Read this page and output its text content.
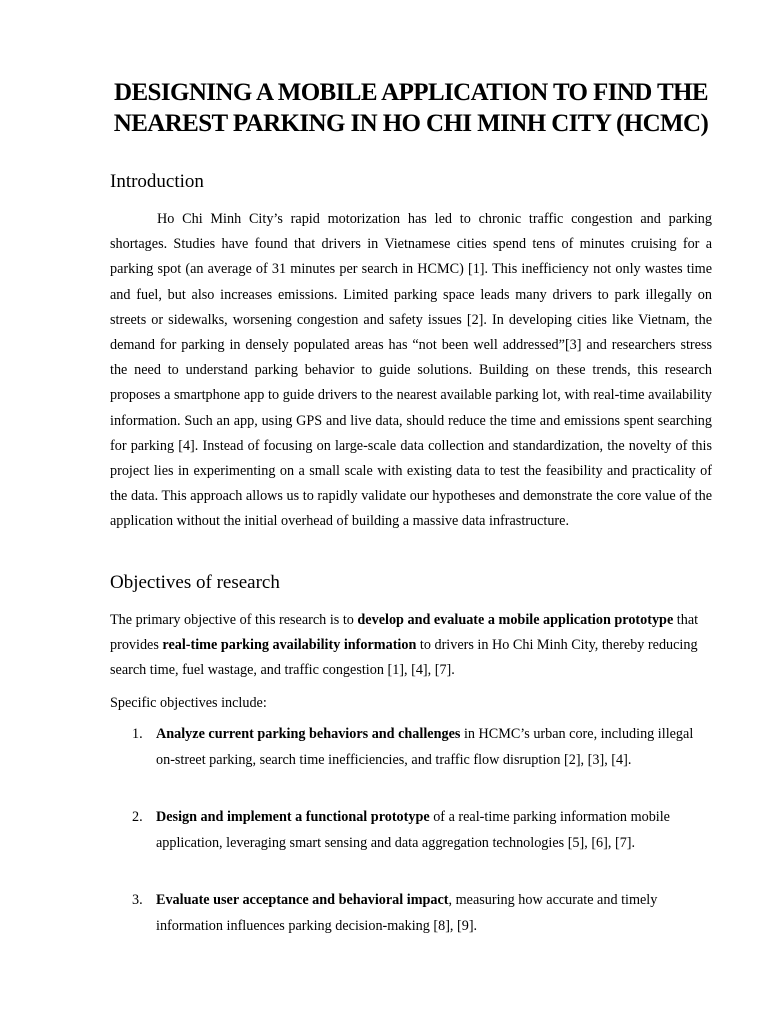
DESIGNING A MOBILE APPLICATION TO FIND THE NEAREST PARKING IN HO CHI MINH CITY (HCMC)
Introduction

Ho Chi Minh City’s rapid motorization has led to chronic traffic congestion and parking shortages. Studies have found that drivers in Vietnamese cities spend tens of minutes cruising for a parking spot (an average of 31 minutes per search in HCMC) [1]. This inefficiency not only wastes time and fuel, but also increases emissions. Limited parking space leads many drivers to park illegally on streets or sidewalks, worsening congestion and safety issues [2]. In developing cities like Vietnam, the demand for parking in densely populated areas has “not been well addressed”[3] and researchers stress the need to understand parking behavior to guide solutions. Building on these trends, this research proposes a smartphone app to guide drivers to the nearest available parking lot, with real-time availability information. Such an app, using GPS and live data, should reduce the time and emissions spent searching for parking [4]. Instead of focusing on large-scale data collection and standardization, the novelty of this project lies in experimenting on a small scale with existing data to test the feasibility and practicality of the data. This approach allows us to rapidly validate our hypotheses and demonstrate the core value of the application without the initial overhead of building a massive data infrastructure.

Objectives of research

The primary objective of this research is to develop and evaluate a mobile application prototype that provides real-time parking availability information to drivers in Ho Chi Minh City, thereby reducing search time, fuel wastage, and traffic congestion [1], [4], [7].

Specific objectives include:

1. Analyze current parking behaviors and challenges in HCMC’s urban core, including illegal on-street parking, search time inefficiencies, and traffic flow disruption [2], [3], [4].
2. Design and implement a functional prototype of a real-time parking information mobile application, leveraging smart sensing and data aggregation technologies [5], [6], [7].
3. Evaluate user acceptance and behavioral impact, measuring how accurate and timely information influences parking decision-making [8], [9].
